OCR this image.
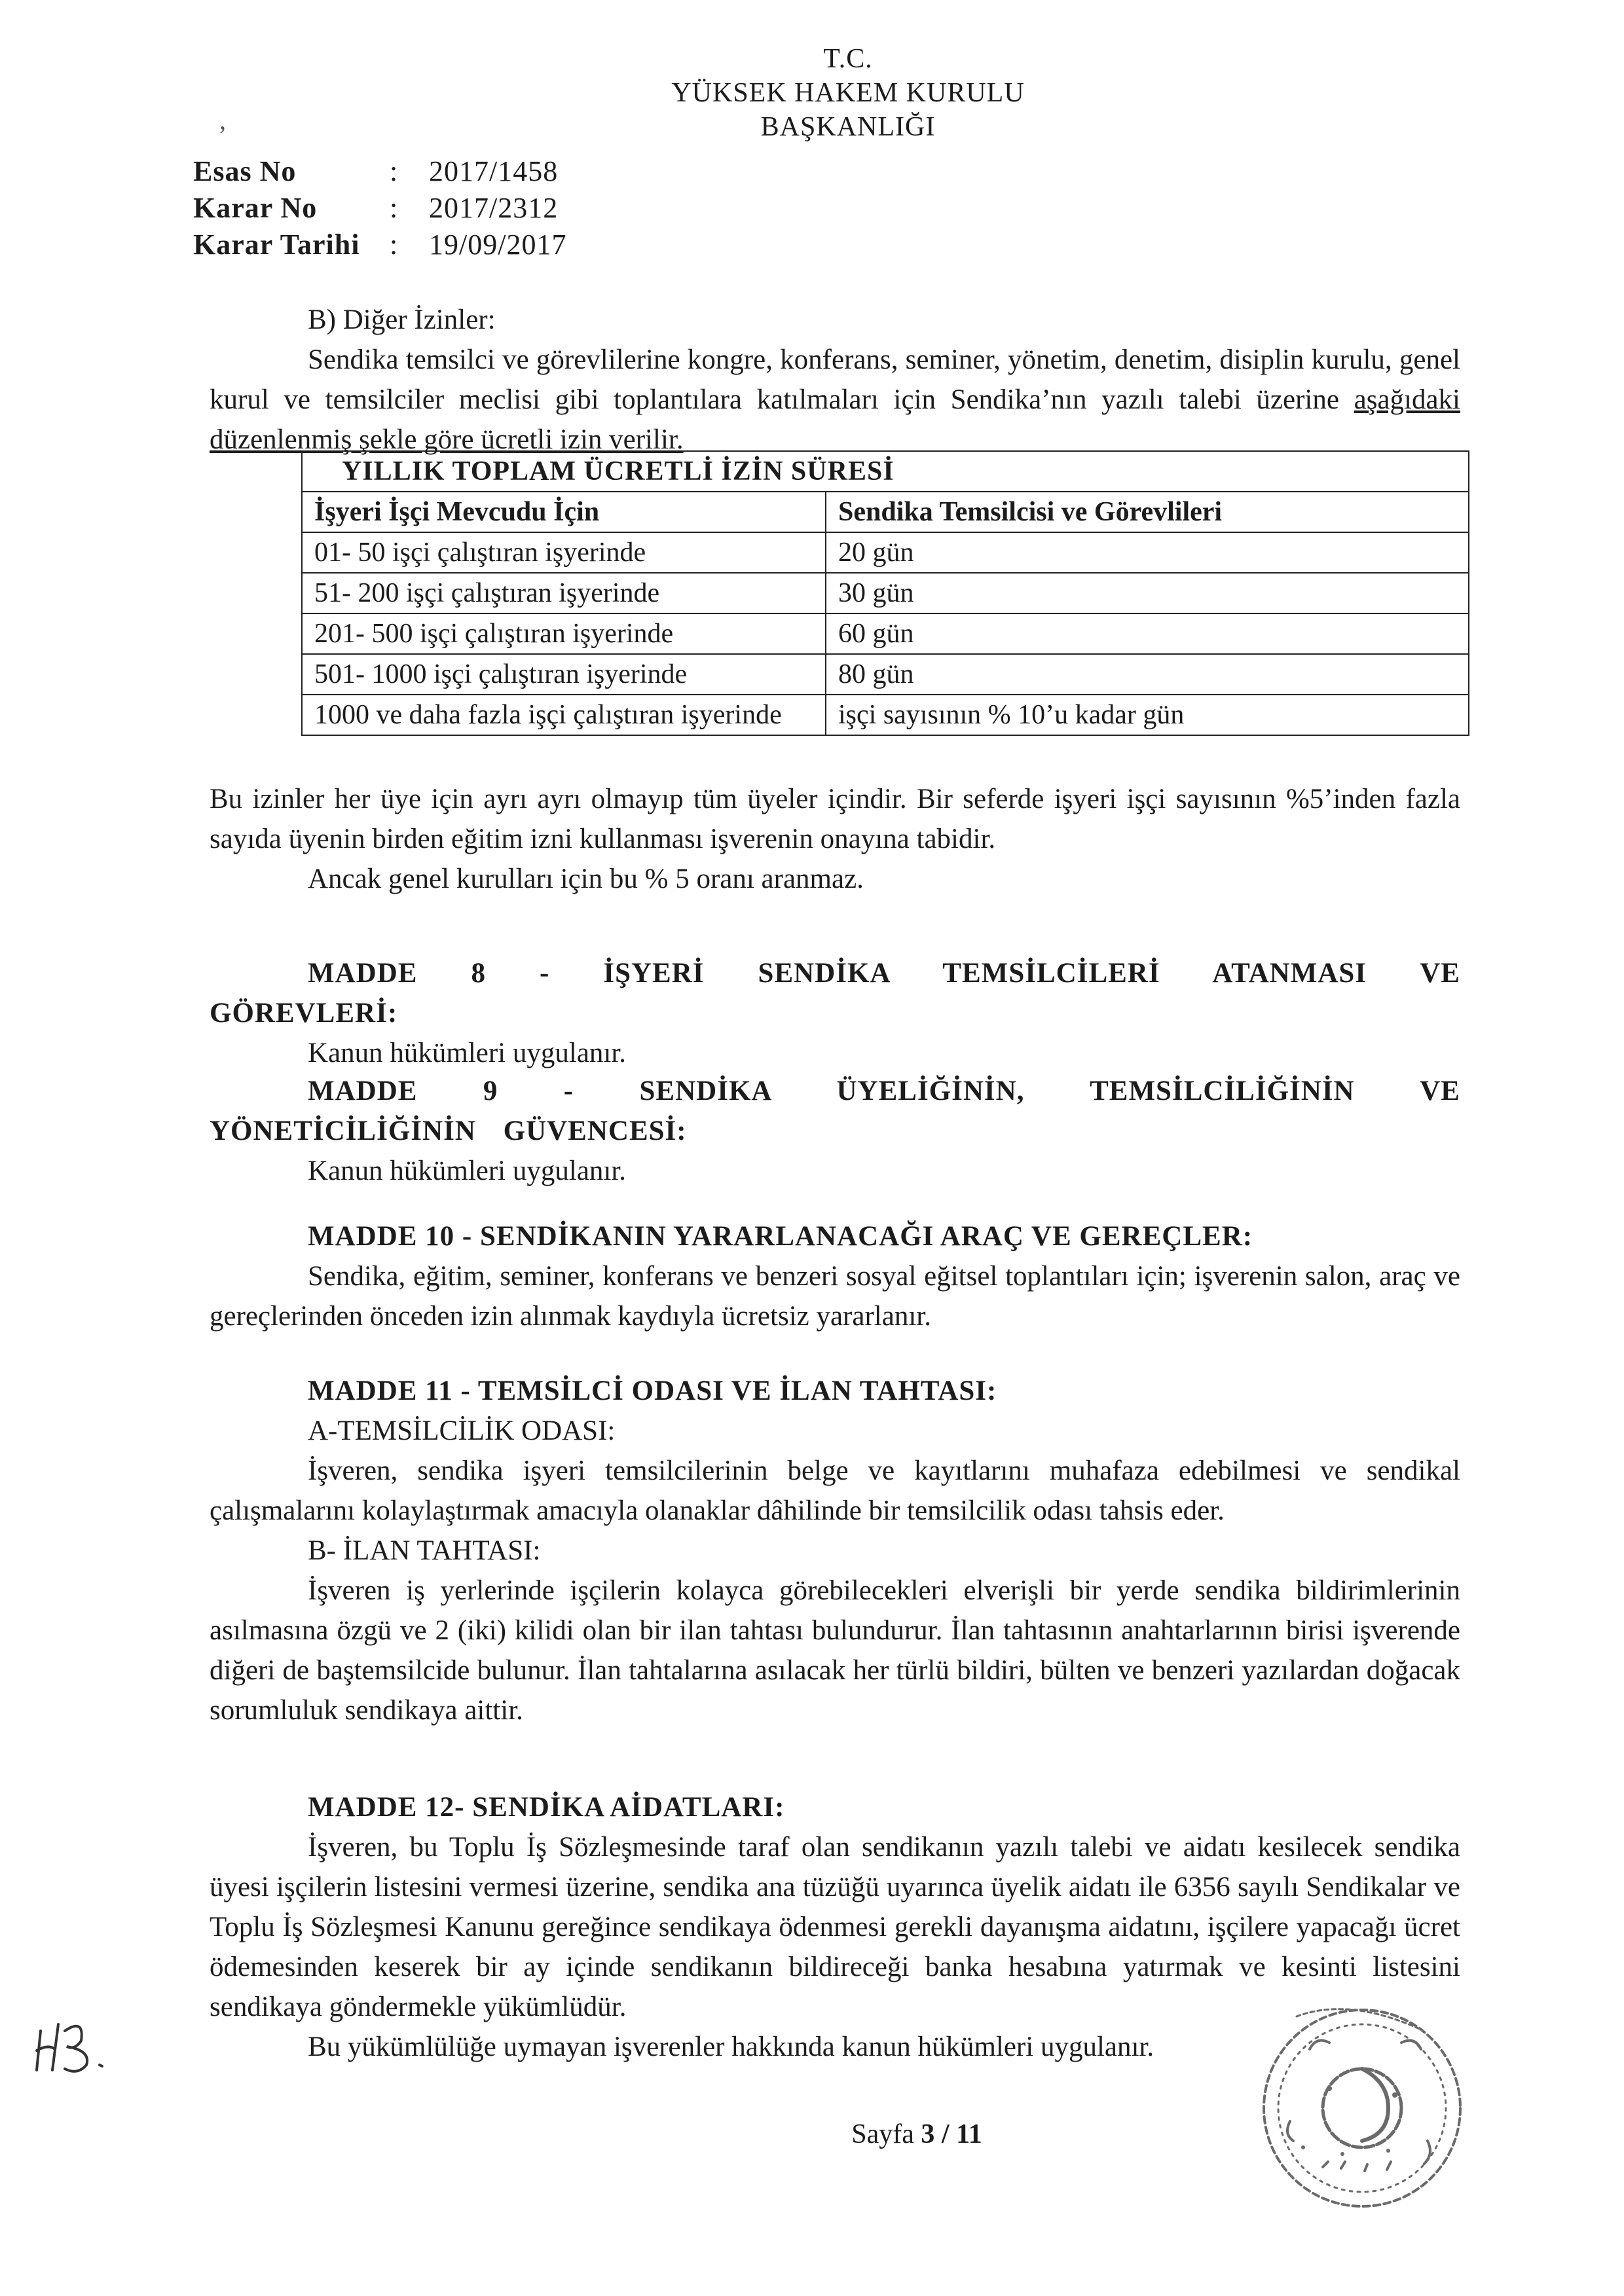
T.C.
YÜKSEK HAKEM KURULU
BAŞKANLIĞI
Esas No	:	2017/1458
Karar No	:	2017/2312
Karar Tarihi	:	19/09/2017
B) Diğer İzinler:
Sendika temsilci ve görevlilerine kongre, konferans, seminer, yönetim, denetim, disiplin kurulu, genel kurul ve temsilciler meclisi gibi toplantılara katılmaları için Sendika’nın yazılı talebi üzerine aşağıdaki düzenlenmiş şekle göre ücretli izin verilir.
YILLIK TOPLAM ÜCRETLİ İZİN SÜRESİ
İşyeri İşçi Mevcudu İçin	Sendika Temsilcisi ve Görevlileri
01- 50 işçi çalıştıran işyerinde	20 gün
51- 200 işçi çalıştıran işyerinde	30 gün
201- 500 işçi çalıştıran işyerinde	60 gün
501- 1000 işçi çalıştıran işyerinde	80 gün
1000 ve daha fazla işçi çalıştıran işyerinde	işçi sayısının % 10’u kadar gün
Bu izinler her üye için ayrı ayrı olmayıp tüm üyeler içindir. Bir seferde işyeri işçi sayısının %5’inden fazla sayıda üyenin birden eğitim izni kullanması işverenin onayına tabidir.
Ancak genel kurulları için bu % 5 oranı aranmaz.
MADDE 8 - İŞYERİ SENDİKA TEMSİLCİLERİ ATANMASI VE GÖREVLERİ:
Kanun hükümleri uygulanır.
MADDE 9 - SENDİKA ÜYELİĞİNİN, TEMSİLCİLİĞİNİN VE YÖNETİCİLİĞİNİN GÜVENCESİ:
Kanun hükümleri uygulanır.
MADDE 10 - SENDİKANIN YARARLANACAĞI ARAÇ VE GEREÇLER:
Sendika, eğitim, seminer, konferans ve benzeri sosyal eğitsel toplantıları için; işverenin salon, araç ve gereçlerinden önceden izin alınmak kaydıyla ücretsiz yararlanır.
MADDE 11 - TEMSİLCİ ODASI VE İLAN TAHTASI:
A-TEMSİLCİLİK ODASI:
İşveren, sendika işyeri temsilcilerinin belge ve kayıtlarını muhafaza edebilmesi ve sendikal çalışmalarını kolaylaştırmak amacıyla olanaklar dâhilinde bir temsilcilik odası tahsis eder.
B- İLAN TAHTASI:
İşveren iş yerlerinde işçilerin kolayca görebilecekleri elverişli bir yerde sendika bildirimlerinin asılmasına özgü ve 2 (iki) kilidi olan bir ilan tahtası bulundurur. İlan tahtasının anahtarlarının birisi işverende diğeri de baştemsilcide bulunur. İlan tahtalarına asılacak her türlü bildiri, bülten ve benzeri yazılardan doğacak sorumluluk sendikaya aittir.
MADDE 12- SENDİKA AİDATLARI:
İşveren, bu Toplu İş Sözleşmesinde taraf olan sendikanın yazılı talebi ve aidatı kesilecek sendika üyesi işçilerin listesini vermesi üzerine, sendika ana tüzüğü uyarınca üyelik aidatı ile 6356 sayılı Sendikalar ve Toplu İş Sözleşmesi Kanunu gereğince sendikaya ödenmesi gerekli dayanışma aidatını, işçilere yapacağı ücret ödemesinden keserek bir ay içinde sendikanın bildireceği banka hesabına yatırmak ve kesinti listesini sendikaya göndermekle yükümlüdür.
Bu yükümlülüğe uymayan işverenler hakkında kanun hükümleri uygulanır.
Sayfa 3 / 11
,
